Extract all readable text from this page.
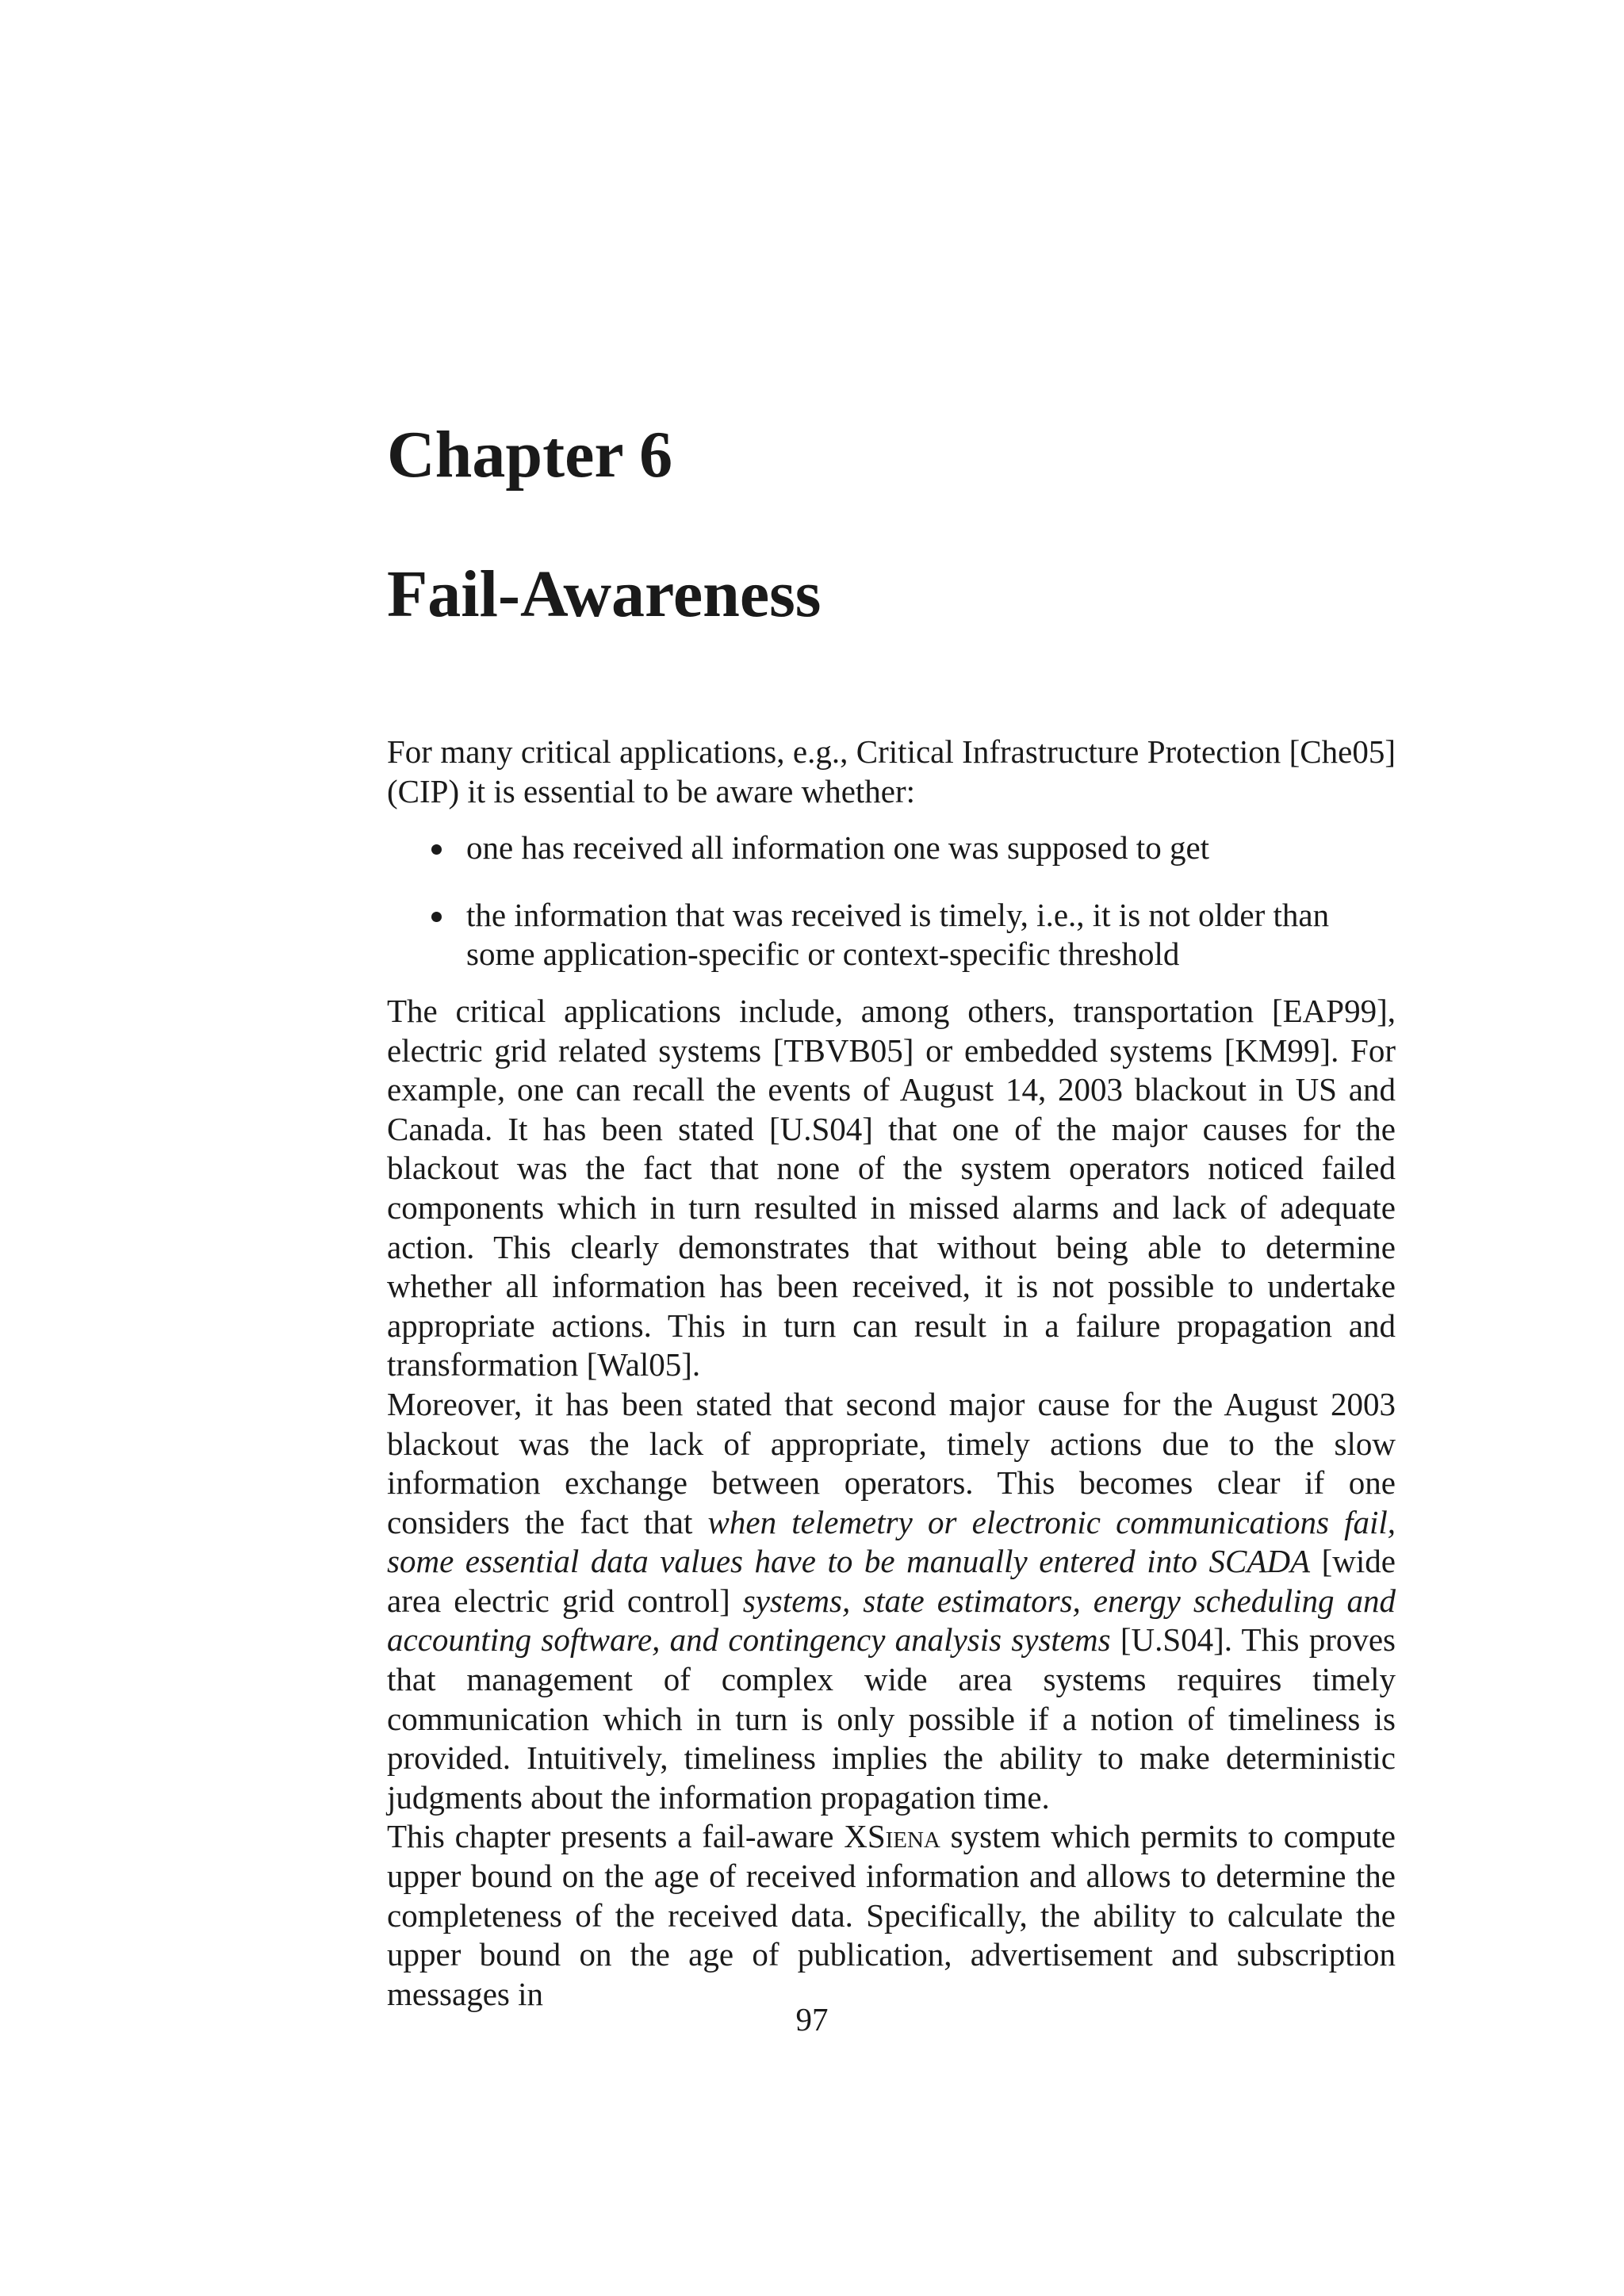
Chapter 6
Fail-Awareness

For many critical applications, e.g., Critical Infrastructure Protection [Che05] (CIP) it is essential to be aware whether:

one has received all information one was supposed to get
the information that was received is timely, i.e., it is not older than some application-specific or context-specific threshold

The critical applications include, among others, transportation [EAP99], electric grid related systems [TBVB05] or embedded systems [KM99]. For example, one can recall the events of August 14, 2003 blackout in US and Canada. It has been stated [U.S04] that one of the major causes for the blackout was the fact that none of the system operators noticed failed components which in turn resulted in missed alarms and lack of adequate action. This clearly demonstrates that without being able to determine whether all information has been received, it is not possible to undertake appropriate actions. This in turn can result in a failure propagation and transformation [Wal05].

Moreover, it has been stated that second major cause for the August 2003 blackout was the lack of appropriate, timely actions due to the slow information exchange between operators. This becomes clear if one considers the fact that when telemetry or electronic communications fail, some essential data values have to be manually entered into SCADA [wide area electric grid control] systems, state estimators, energy scheduling and accounting software, and contingency analysis systems [U.S04]. This proves that management of complex wide area systems requires timely communication which in turn is only possible if a notion of timeliness is provided. Intuitively, timeliness implies the ability to make deterministic judgments about the information propagation time.

This chapter presents a fail-aware XSiena system which permits to compute upper bound on the age of received information and allows to determine the completeness of the received data. Specifically, the ability to calculate the upper bound on the age of publication, advertisement and subscription messages in

97
